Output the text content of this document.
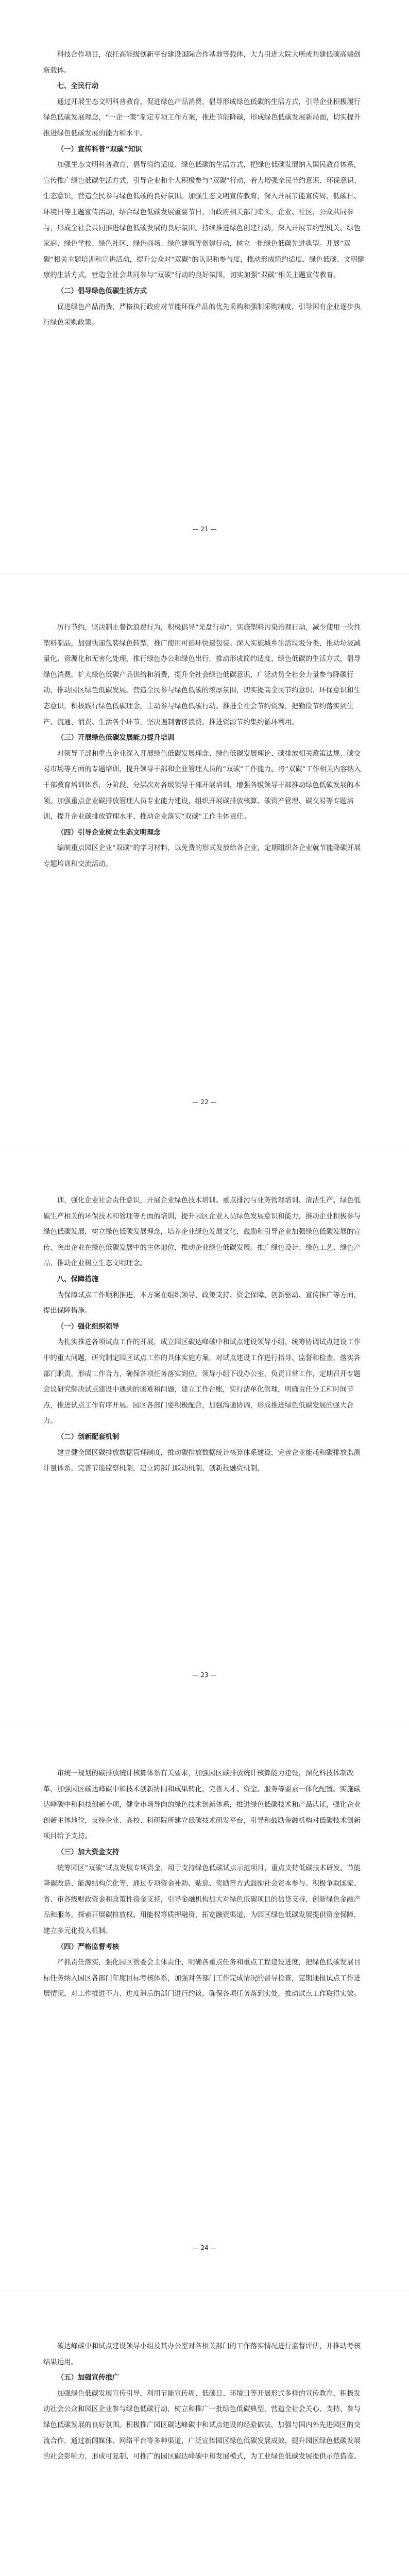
科技合作项目，依托高能级创新平台建设国际合作基地等载体，大力引进大院大所或共建低碳高端创新载体。

七、全民行动

通过开展生态文明科普教育，促进绿色产品消费，倡导形成绿色低碳的生活方式，引导企业积极履行绿色低碳发展理念，“一企一策”制定专项工作方案，推进节能降碳，形成绿色低碳发展新局面，切实提升推进绿色低碳发展的能力和水平。

（一）宣传科普“双碳”知识

加强生态文明科普教育，倡导简约适度、绿色低碳的生活方式，把绿色低碳发展纳入国民教育体系，宣传推广绿色低碳生活方式，引导企业和个人积极参与“双碳”行动，着力增强全民节约意识、环保意识、生态意识，营造全民参与绿色低碳的良好氛围。加强生态文明宣传教育，深入开展节能宣传周、低碳日、环境日等主题宣传活动，结合绿色低碳发展重要节日，由政府相关部门牵头，企业、社区、公众共同参与，形成全社会共同推进绿色低碳发展的良好氛围。持续推进绿色创建行动，深入开展节约型机关、绿色家庭、绿色学校、绿色社区、绿色商场、绿色建筑等创建行动，树立一批绿色低碳先进典型。开展“双碳”相关主题培训和宣讲活动，提升公众对“双碳”的认识和参与度，推动形成简约适度、绿色低碳、文明健康的生活方式，营造全社会共同参与“双碳”行动的良好氛围，切实加强“双碳”相关主题宣传教育。

（二）倡导绿色低碳生活方式

促进绿色产品消费，严格执行政府对节能环保产品的优先采购和强制采购制度，引导国有企业逐步执行绿色采购政策。

— 21 —

厉行节约，坚决制止餐饮浪费行为，积极倡导“光盘行动”，实施塑料污染治理行动，减少使用一次性塑料制品，加强快递包装绿色转型，推广使用可循环快递包装。深入实施城乡生活垃圾分类，推动垃圾减量化、资源化和无害化处理，推行绿色办公和绿色出行，推动形成简约适度、绿色低碳的生活方式，倡导绿色消费，扩大绿色低碳产品供给和消费，提升全社会绿色低碳意识，广泛动员全社会力量参与降碳行动，推动园区绿色低碳发展。营造全民参与绿色低碳的浓厚氛围，切实提高全民节约意识、环保意识和生态意识，积极践行绿色低碳理念，主动参与绿色低碳行动。推进全社会节约资源，把勤俭节约落实到生产、流通、消费、生活各个环节，坚决遏制奢侈浪费，推进资源节约集约循环利用。

（三）开展绿色低碳发展能力提升培训

对领导干部和重点企业深入开展绿色低碳发展理念、绿色低碳发展理论、碳排放相关政策法规、碳交易市场等方面的专题培训，提升领导干部和企业管理人员的“双碳”工作能力。将“双碳”工作相关内容纳入干部教育培训体系，分阶段、分层次对各级领导干部开展培训，增强各级领导干部推动绿色低碳发展的本领。加强重点企业碳排放管理人员专业能力建设，组织开展碳排放核算、碳资产管理、碳交易等专题培训，提升企业碳排放管理水平，推动企业落实“双碳”工作主体责任。

（四）引导企业树立生态文明理念

编制重点园区企业“双碳”的学习材料，以免费的形式发放给各企业，定期组织各企业就节能降碳开展专题培训和交流活动。

— 22 —

训，强化企业社会责任意识，开展企业绿色技术培训、重点排污与业务管理培训、清洁生产、绿色低碳生产相关的环保技术和管理等方面的培训，提升园区企业人员绿色发展意识和能力，推动企业积极参与绿色低碳发展，树立绿色低碳发展理念，培养企业绿色发展文化，鼓励和引导企业加强绿色低碳发展的宣传，突出企业在绿色低碳发展中的主体地位，推动企业绿色低碳发展。推广绿色设计、绿色工艺、绿色产品，推动企业树立生态文明理念。

八、保障措施

为保障试点工作顺利推进，本方案在组织领导、政策支持、资金保障、创新驱动、宣传推广等方面，提出保障措施。

（一）强化组织领导

为扎实推进各项试点工作的开展，成立园区碳达峰碳中和试点建设领导小组，统筹协调试点建设工作中的重大问题，研究制定园区试点工作的具体实施方案，对试点建设工作进行指导、监督和检查，落实各部门职责，形成工作合力，确保各项任务落实到位。领导小组下设办公室，负责日常工作，定期召开专题会议研究解决试点建设中遇到的困难和问题，建立工作台账，实行清单化管理，明确责任分工和时间节点，推进试点工作有序开展。园区各部门要积极配合，加强沟通协调，形成推进绿色低碳发展的强大合力。

（二）创新配套机制

建立健全园区碳排放数据管理制度，推动碳排放数据统计核算体系建设，完善企业能耗和碳排放监测计量体系，完善节能监察机制，建立跨部门联动机制，创新投融资机制，

— 23 —

市统一规划的碳排放统计核算体系有关要求，加强园区碳排放统计核算能力建设，深化科技体制改革，加强园区碳达峰碳中和技术创新协同和成果转化，完善人才、资金、服务等要素一体化配置。实施碳达峰碳中和科技创新专项，健全市场导向的绿色技术创新体系，推进绿色低碳技术和产品认证，强化企业创新主体地位，支持企业、高校、科研院所建立低碳技术研发平台，引导和鼓励金融机构对低碳技术创新项目给予支持。

（三）加大资金支持

统筹园区“双碳”试点发展专项资金，用于支持绿色低碳试点示范项目，重点支持低碳技术研发、节能降碳改造、能源结构优化等，通过专项资金补助、贴息、奖励等方式鼓励社会资本参与。积极争取国家、省、市各级财政资金和政策性资金支持，引导金融机构加大对绿色低碳项目的信贷支持，创新绿色金融产品和服务，探索开展碳排放权、用能权等质押融资，拓宽融资渠道，为园区绿色低碳发展提供资金保障，建立多元化投入机制。

（四）严格监督考核

严抓责任落实，强化园区管委会主体责任，明确各重点任务和重点工程建设进度，把绿色低碳发展目标任务纳入园区各部门年度目标考核体系，加强对各部门工作完成情况的督导检查，定期通报试点工作进展情况，对工作推进不力、进度滞后的部门进行约谈，确保各项任务落到实处，推动试点工作取得实效。

— 24 —

碳达峰碳中和试点建设领导小组及其办公室对各相关部门的工作落实情况进行监督评估，并推动考核结果运用。

（五）加强宣传推广

加强绿色低碳发展宣传引导，利用节能宣传周、低碳日、环境日等开展形式多样的宣传教育，积极发动社会公众和园区企业参与绿色低碳行动，树立和推广一批绿色低碳典型，营造全社会关心、支持、参与绿色低碳发展的良好氛围。积极推广园区碳达峰碳中和试点建设的经验做法，加强与国内外先进园区的交流合作，通过新闻媒体、网络平台等多种渠道，广泛宣传园区绿色低碳发展成效，提升园区绿色低碳发展的社会影响力，形成可复制、可推广的园区碳达峰碳中和发展模式，为工业绿色低碳发展提供示范借鉴。
